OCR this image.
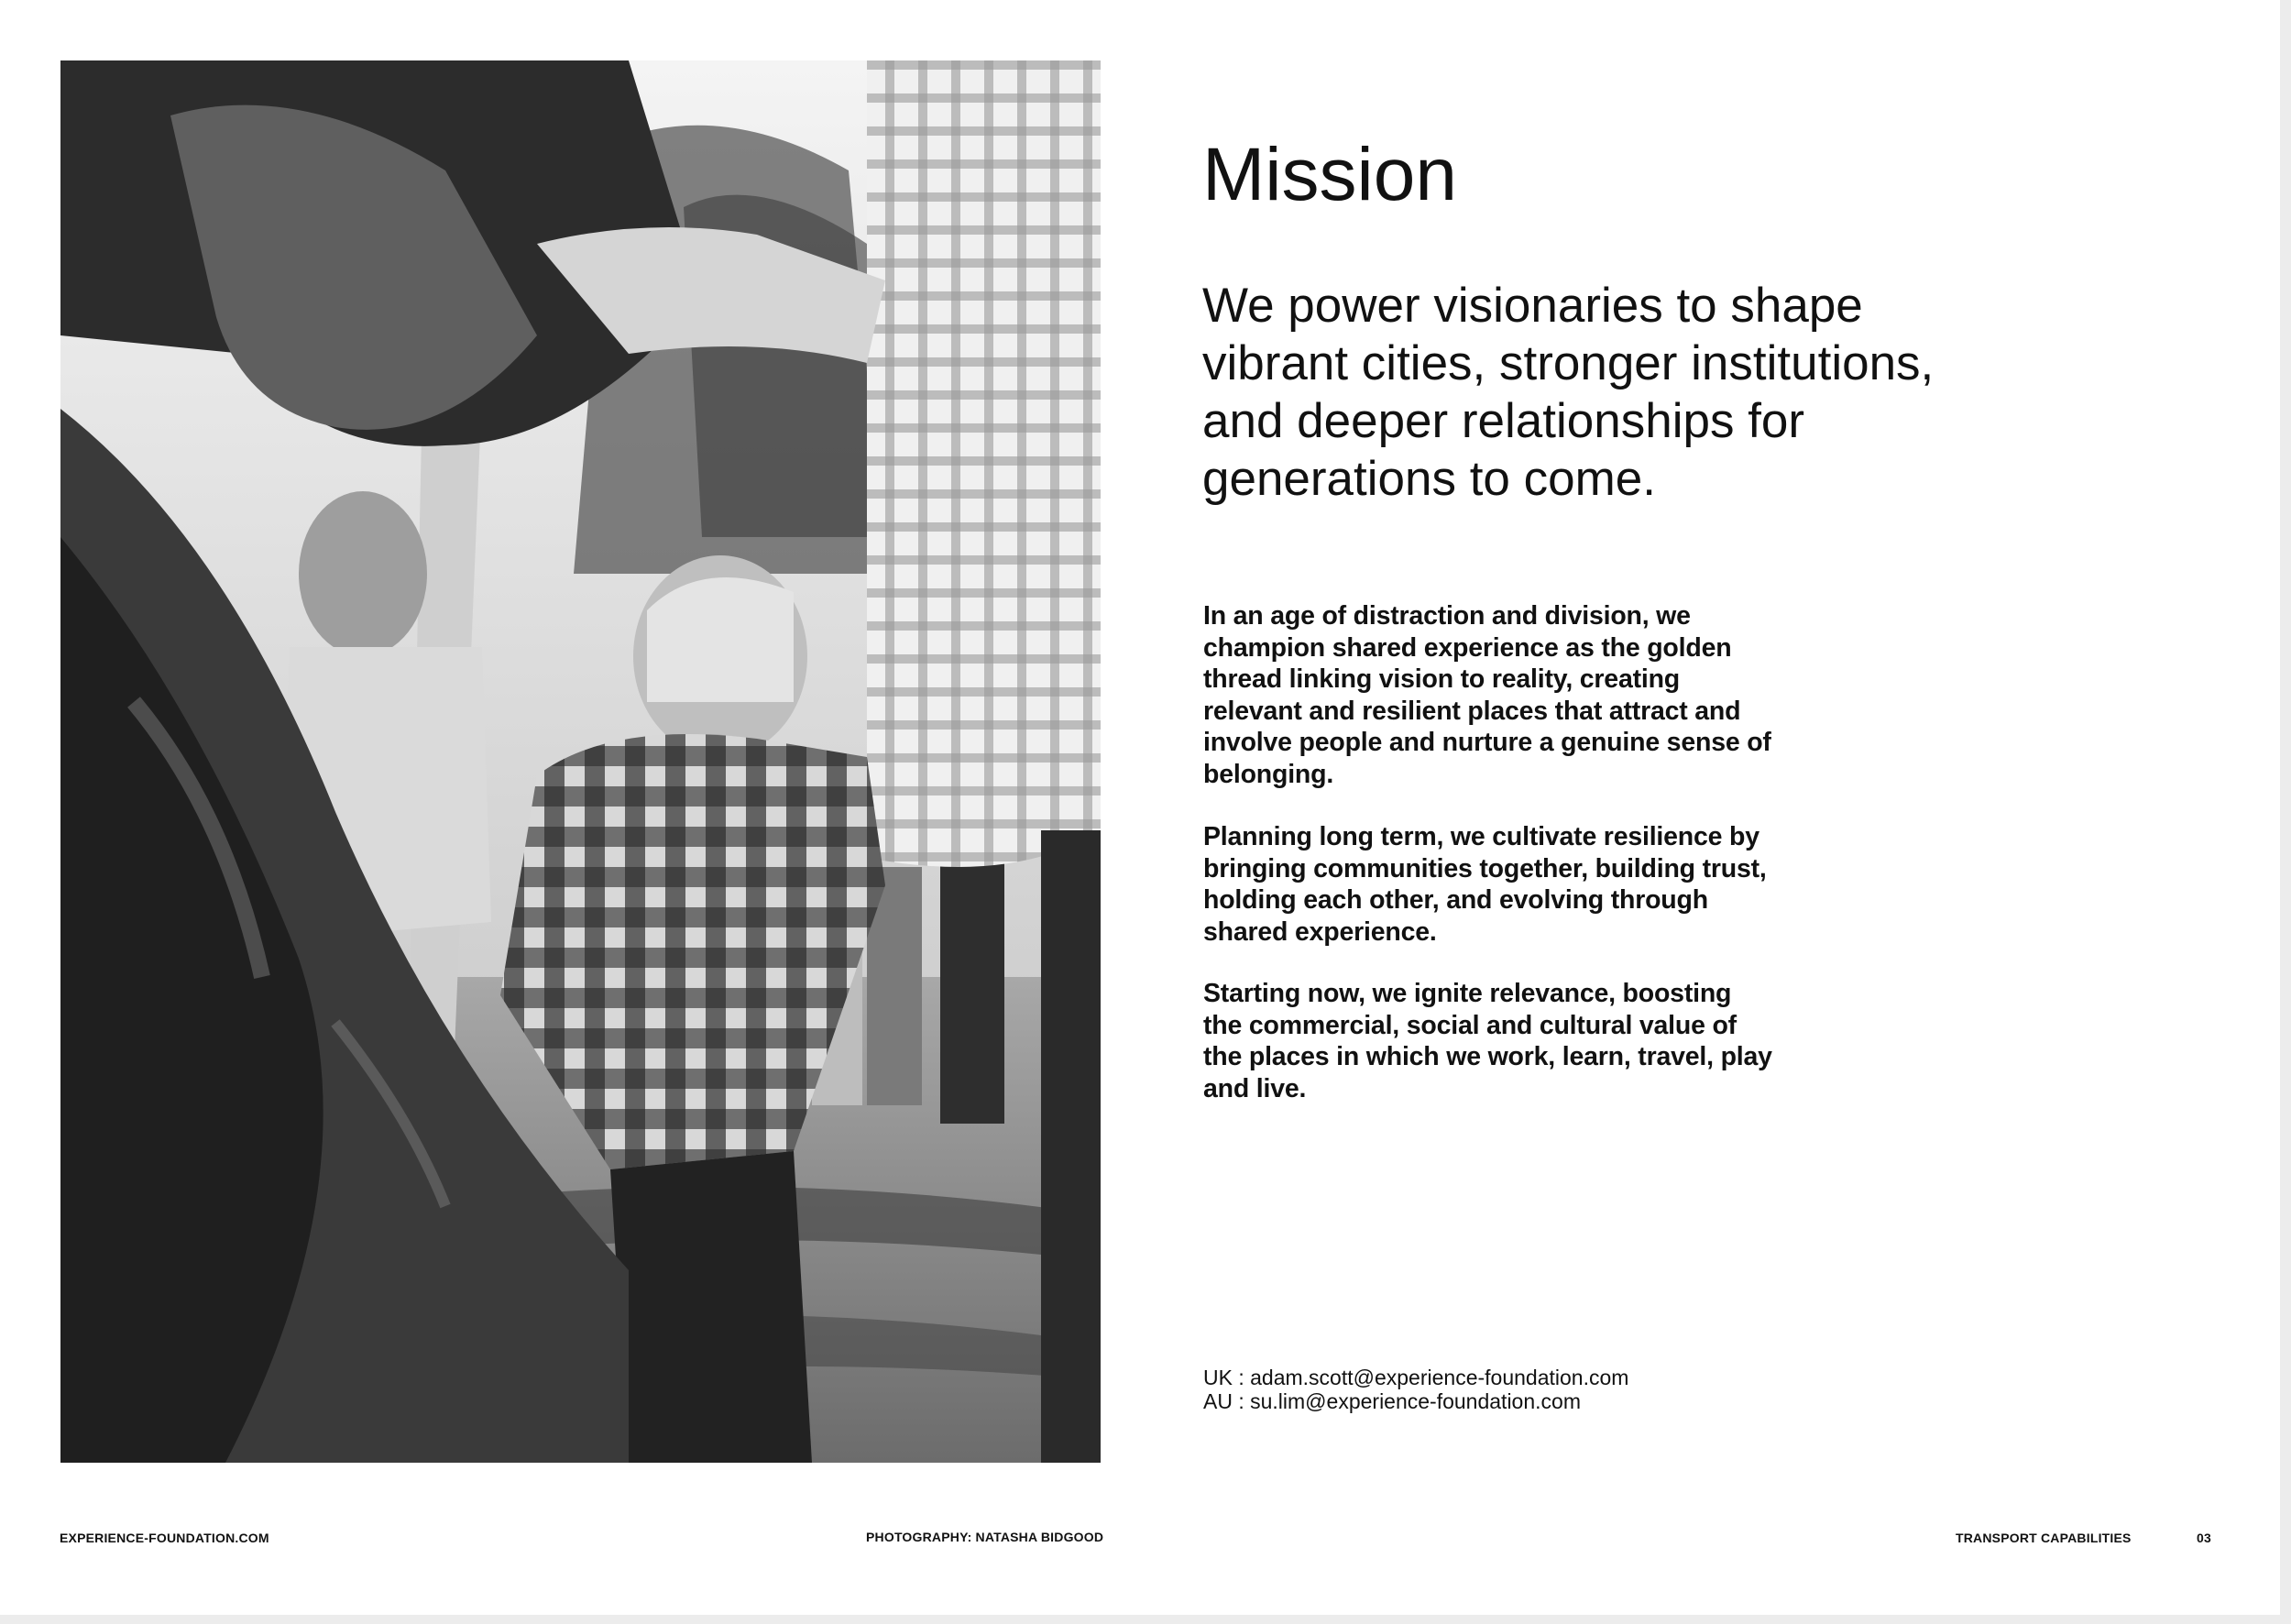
Mission

We power visionaries to shape
vibrant cities, stronger institutions,
and deeper relationships for
generations to come.

In an age of distraction and division, we
champion shared experience as the golden
thread linking vision to reality, creating
relevant and resilient places that attract and
involve people and nurture a genuine sense of
belonging.

Planning long term, we cultivate resilience by
bringing communities together, building trust,
holding each other, and evolving through
shared experience.

Starting now, we ignite relevance, boosting
the commercial, social and cultural value of
the places in which we work, learn, travel, play
and live.

UK : adam.scott@experience-foundation.com
AU : su.lim@experience-foundation.com
EXPERIENCE-FOUNDATION.COM	PHOTOGRAPHY: NATASHA BIDGOOD	TRANSPORT CAPABILITIES	03
